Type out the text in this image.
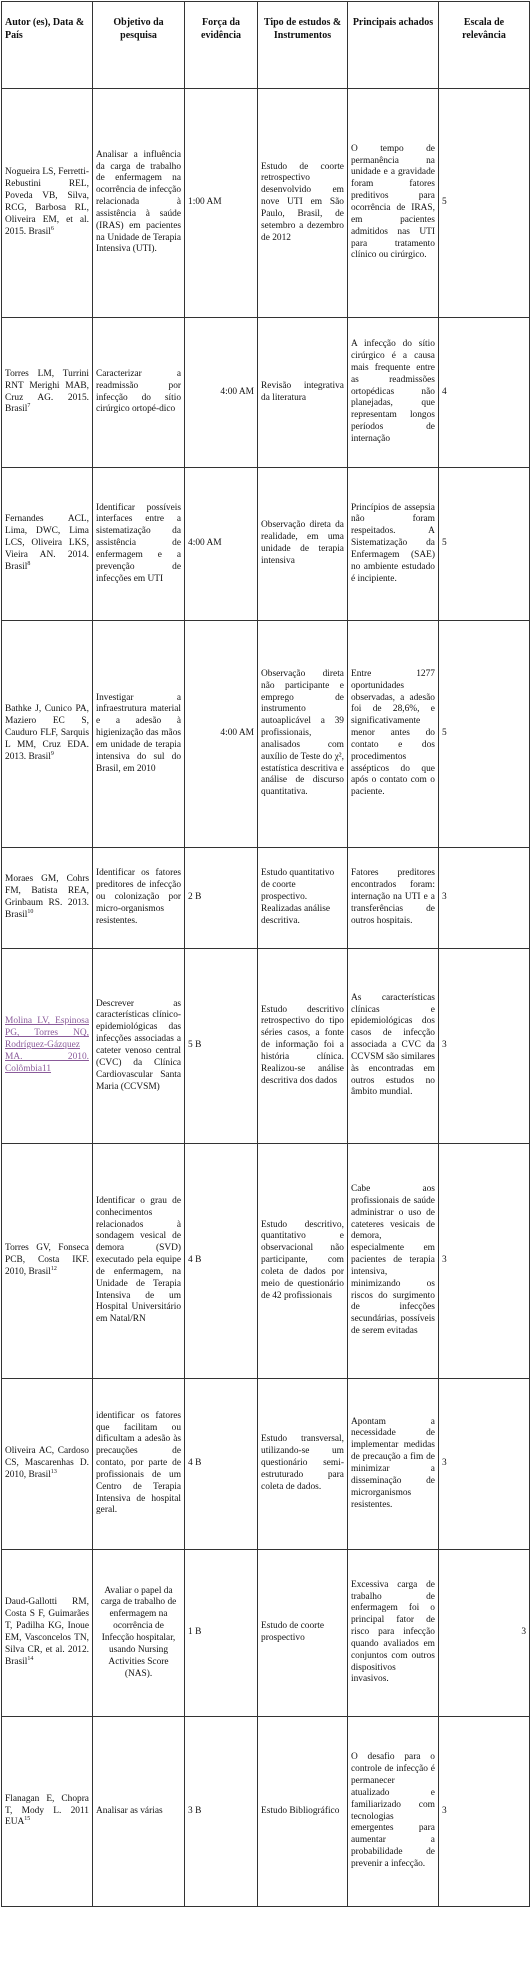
Autor (es), Data & País	Objetivo da pesquisa	Força da evidência	Tipo de estudos & Instrumentos	Principais achados	Escala de relevância
Nogueira LS, Ferretti-Rebustini REL, Poveda VB, Silva, RCG, Barbosa RL, Oliveira EM, et al. 2015. Brasil$^6$	Analisar a influência da carga de trabalho de enfermagem na ocorrência de infecção relacionada à assistência à saúde (IRAS) em pacientes na Unidade de Terapia Intensiva (UTI).	1:00 AM	Estudo de coorte retrospectivo desenvolvido em nove UTI em São Paulo, Brasil, de setembro a dezembro de 2012	O tempo de permanência na unidade e a gravidade foram fatores preditivos para ocorrência de IRAS, em pacientes admitidos nas UTI para tratamento clínico ou cirúrgico.	5
Torres LM, Turrini RNT Merighi MAB, Cruz AG. 2015. Brasil$^7$	Caracterizar a readmissão por infecção do sítio cirúrgico ortopé-dico	4:00 AM	Revisão integrativa da literatura	A infecção do sítio cirúrgico é a causa mais frequente entre as readmissões ortopédicas não planejadas, que representam longos períodos de internação	4
Fernandes ACL, Lima, DWC, Lima LCS, Oliveira LKS, Vieira AN. 2014. Brasil$^8$	Identificar possíveis interfaces entre a sistematização da assistência de enfermagem e a prevenção de infecções em UTI	4:00 AM	Observação direta da realidade, em uma unidade de terapia intensiva	Princípios de assepsia não foram respeitados. A Sistematização da Enfermagem (SAE) no ambiente estudado é incipiente.	5
Bathke J, Cunico PA, Maziero EC S, Cauduro FLF, Sarquis L MM, Cruz EDA. 2013. Brasil$^9$	Investigar a infraestrutura material e a adesão à higienização das mãos em unidade de terapia intensiva do sul do Brasil, em 2010	4:00 AM	Observação direta não participante e emprego de instrumento autoaplicável a 39 profissionais, analisados com auxílio de Teste do χ², estatística descritiva e análise de discurso quantitativa.	Entre 1277 oportunidades observadas, a adesão foi de 28,6%, e significativamente menor antes do contato e dos procedimentos assépticos do que após o contato com o paciente.	5
Moraes GM, Cohrs FM, Batista REA, Grinbaum RS. 2013. Brasil$^{10}$	Identificar os fatores preditores de infecção ou colonização por micro-organismos resistentes.	2 B	Estudo quantitativo de coorte prospectivo. Realizadas análise descritiva.	Fatores preditores encontrados foram: internação na UTI e a transferências de outros hospitais.	3
Molina LV, Espinosa PG, Torres NQ, Rodríguez-Gázquez MA. 2010. Colômbia11	Descrever as características clínico-epidemiológicas das infecções associadas a cateter venoso central (CVC) da Clínica Cardiovascular Santa Maria (CCVSM)	5 B	Estudo descritivo retrospectivo do tipo séries casos, a fonte de informação foi a história clínica. Realizou-se análise descritiva dos dados	As características clínicas e epidemiológicas dos casos de infecção associada a CVC da CCVSM são similares às encontradas em outros estudos no âmbito mundial.	3
Torres GV, Fonseca PCB, Costa IKF. 2010, Brasil$^{12}$	Identificar o grau de conhecimentos relacionados à sondagem vesical de demora (SVD) executado pela equipe de enfermagem, na Unidade de Terapia Intensiva de um Hospital Universitário em Natal/RN	4 B	Estudo descritivo, quantitativo e observacional não participante, com coleta de dados por meio de questionário de 42 profissionais	Cabe aos profissionais de saúde administrar o uso de cateteres vesicais de demora, especialmente em pacientes de terapia intensiva, minimizando os riscos do surgimento de infecções secundárias, possíveis de serem evitadas	3
Oliveira AC, Cardoso CS, Mascarenhas D. 2010, Brasil$^{13}$	identificar os fatores que facilitam ou dificultam a adesão às precauções de contato, por parte de profissionais de um Centro de Terapia Intensiva de hospital geral.	4 B	Estudo transversal, utilizando-se um questionário semi-estruturado para coleta de dados.	Apontam a necessidade de implementar medidas de precaução a fim de minimizar a disseminação de microrganismos resistentes.	3
Daud-Gallotti RM, Costa S F, Guimarães T, Padilha KG, Inoue EM, Vasconcelos TN, Silva CR, et al. 2012. Brasil$^{14}$	Avaliar o papel da carga de trabalho de enfermagem na ocorrência de Infecção hospitalar, usando Nursing Activities Score (NAS).	1 B	Estudo de coorte prospectivo	Excessiva carga de trabalho de enfermagem foi o principal fator de risco para infecção quando avaliados em conjuntos com outros dispositivos invasivos.	3
Flanagan E, Chopra T, Mody L. 2011 EUA$^{15}$	Analisar as várias	3 B	Estudo Bibliográfico	O desafio para o controle de infecção é permanecer atualizado e familiarizado com tecnologias emergentes para aumentar a probabilidade de prevenir a infecção.	3
